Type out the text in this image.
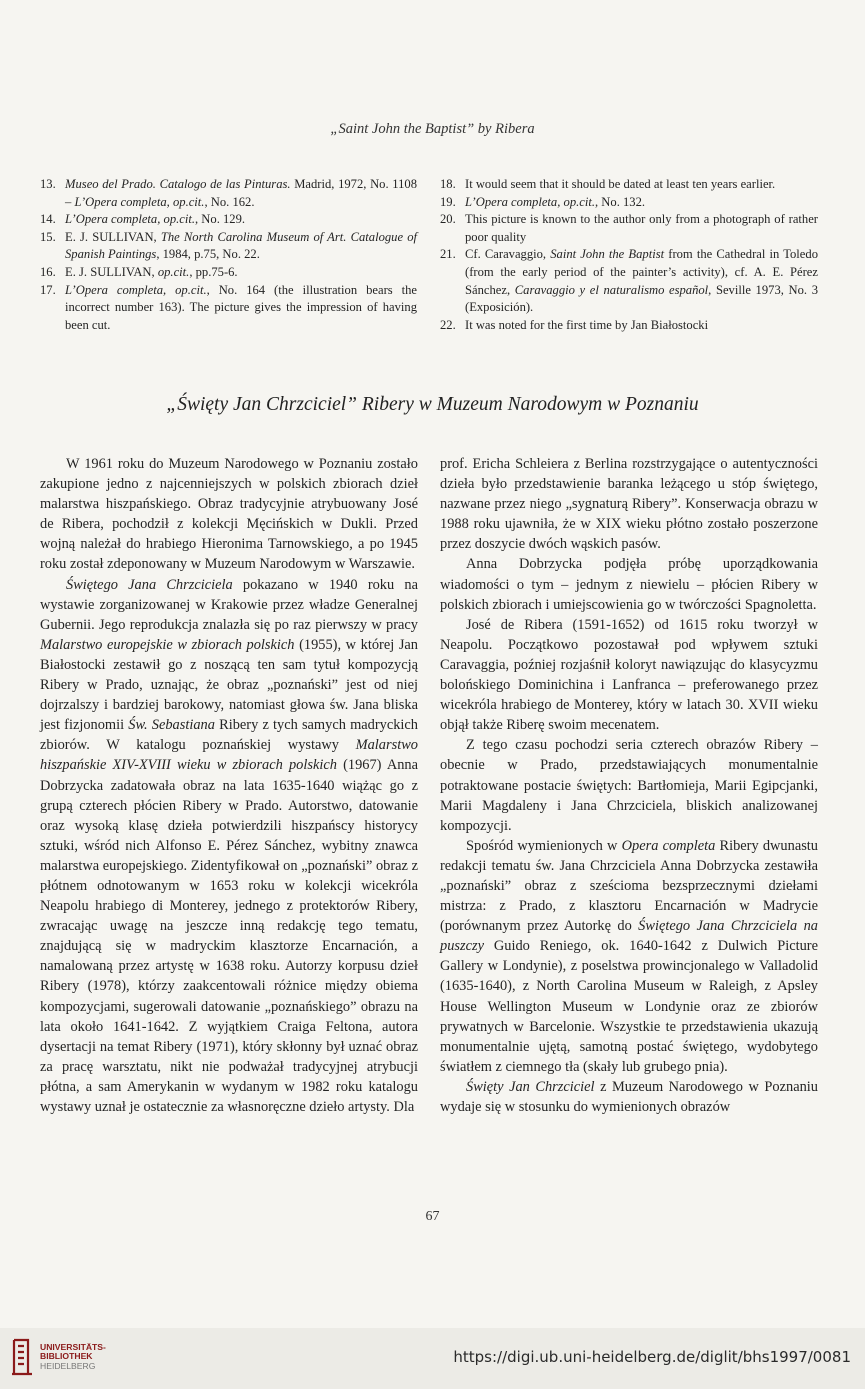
„Saint John the Baptist” by Ribera
13. Museo del Prado. Catalogo de las Pinturas. Madrid, 1972, No. 1108 – L’Opera completa, op.cit., No. 162.
14. L’Opera completa, op.cit., No. 129.
15. E. J. SULLIVAN, The North Carolina Museum of Art. Catalogue of Spanish Paintings, 1984, p.75, No. 22.
16. E. J. SULLIVAN, op.cit., pp.75-6.
17. L’Opera completa, op.cit., No. 164 (the illustration bears the incorrect number 163). The picture gives the impression of having been cut.
18. It would seem that it should be dated at least ten years earlier.
19. L’Opera completa, op.cit., No. 132.
20. This picture is known to the author only from a photograph of rather poor quality
21. Cf. Caravaggio, Saint John the Baptist from the Cathedral in Toledo (from the early period of the painter’s activity), cf. A. E. Pérez Sánchez, Caravaggio y el naturalismo español, Seville 1973, No. 3 (Exposición).
22. It was noted for the first time by Jan Białostocki
„Święty Jan Chrzciciel” Ribery w Muzeum Narodowym w Poznaniu

W 1961 roku do Muzeum Narodowego w Poznaniu zostało zakupione jedno z najcenniejszych w polskich zbiorach dzieł malarstwa hiszpańskiego. Obraz tradycyjnie atrybuowany José de Ribera, pochodził z kolekcji Męcińskich w Dukli. Przed wojną należał do hrabiego Hieronima Tarnowskiego, a po 1945 roku został zdeponowany w Muzeum Narodowym w Warszawie.

Świętego Jana Chrzciciela pokazano w 1940 roku na wystawie zorganizowanej w Krakowie przez władze Generalnej Gubernii. Jego reprodukcja znalazła się po raz pierwszy w pracy Malarstwo europejskie w zbiorach polskich (1955), w której Jan Białostocki zestawił go z noszącą ten sam tytuł kompozycją Ribery w Prado, uznając, że obraz „poznański” jest od niej dojrzalszy i bardziej barokowy, natomiast głowa św. Jana bliska jest fizjonomii Św. Sebastiana Ribery z tych samych madryckich zbiorów. W katalogu poznańskiej wystawy Malarstwo hiszpańskie XIV-XVIII wieku w zbiorach polskich (1967) Anna Dobrzycka zadatowała obraz na lata 1635-1640 wiążąc go z grupą czterech płócien Ribery w Prado. Autorstwo, datowanie oraz wysoką klasę dzieła potwierdzili hiszpańscy historycy sztuki, wśród nich Alfonso E. Pérez Sánchez, wybitny znawca malarstwa europejskiego. Zidentyfikował on „poznański” obraz z płótnem odnotowanym w 1653 roku w kolekcji wicekróla Neapolu hrabiego di Monterey, jednego z protektorów Ribery, zwracając uwagę na jeszcze inną redakcję tego tematu, znajdującą się w madryckim klasztorze Encarnación, a namalowaną przez artystę w 1638 roku. Autorzy korpusu dzieł Ribery (1978), którzy zaakcentowali różnice między obiema kompozycjami, sugerowali datowanie „poznańskiego” obrazu na lata około 1641-1642. Z wyjątkiem Craiga Feltona, autora dysertacji na temat Ribery (1971), który skłonny był uznać obraz za pracę warsztatu, nikt nie podważał tradycyjnej atrybucji płótna, a sam Amerykanin w wydanym w 1982 roku katalogu wystawy uznał je ostatecznie za własnoręczne dzieło artysty. Dla

prof. Ericha Schleiera z Berlina rozstrzygające o autentyczności dzieła było przedstawienie baranka leżącego u stóp świętego, nazwane przez niego „sygnaturą Ribery”. Konserwacja obrazu w 1988 roku ujawniła, że w XIX wieku płótno zostało poszerzone przez doszycie dwóch wąskich pasów.

Anna Dobrzycka podjęła próbę uporządkowania wiadomości o tym – jednym z niewielu – płócien Ribery w polskich zbiorach i umiejscowienia go w twórczości Spagnoletta.

José de Ribera (1591-1652) od 1615 roku tworzył w Neapolu. Początkowo pozostawał pod wpływem sztuki Caravaggia, poźniej rozjaśnił koloryt nawiązując do klasycyzmu bolońskiego Dominichina i Lanfranca – preferowanego przez wicekróla hrabiego de Monterey, który w latach 30. XVII wieku objął także Riberę swoim mecenatem.

Z tego czasu pochodzi seria czterech obrazów Ribery – obecnie w Prado, przedstawiających monumentalnie potraktowane postacie świętych: Bartłomieja, Marii Egipcjanki, Marii Magdaleny i Jana Chrzciciela, bliskich analizowanej kompozycji.

Spośród wymienionych w Opera completa Ribery dwunastu redakcji tematu św. Jana Chrzciciela Anna Dobrzycka zestawiła „poznański” obraz z sześcioma bezsprzecznymi dziełami mistrza: z Prado, z klasztoru Encarnación w Madrycie (porównanym przez Autorkę do Świętego Jana Chrzciciela na puszczy Guido Reniego, ok. 1640-1642 z Dulwich Picture Gallery w Londynie), z poselstwa prowincjonalego w Valladolid (1635-1640), z North Carolina Museum w Raleigh, z Apsley House Wellington Museum w Londynie oraz ze zbiorów prywatnych w Barcelonie. Wszystkie te przedstawienia ukazują monumentalnie ujętą, samotną postać świętego, wydobytego światłem z ciemnego tła (skały lub grubego pnia).

Święty Jan Chrzciciel z Muzeum Narodowego w Poznaniu wydaje się w stosunku do wymienionych obrazów

67
UNIVERSITÄTS-
BIBLIOTHEK
HEIDELBERG	https://digi.ub.uni-heidelberg.de/diglit/bhs1997/0081
